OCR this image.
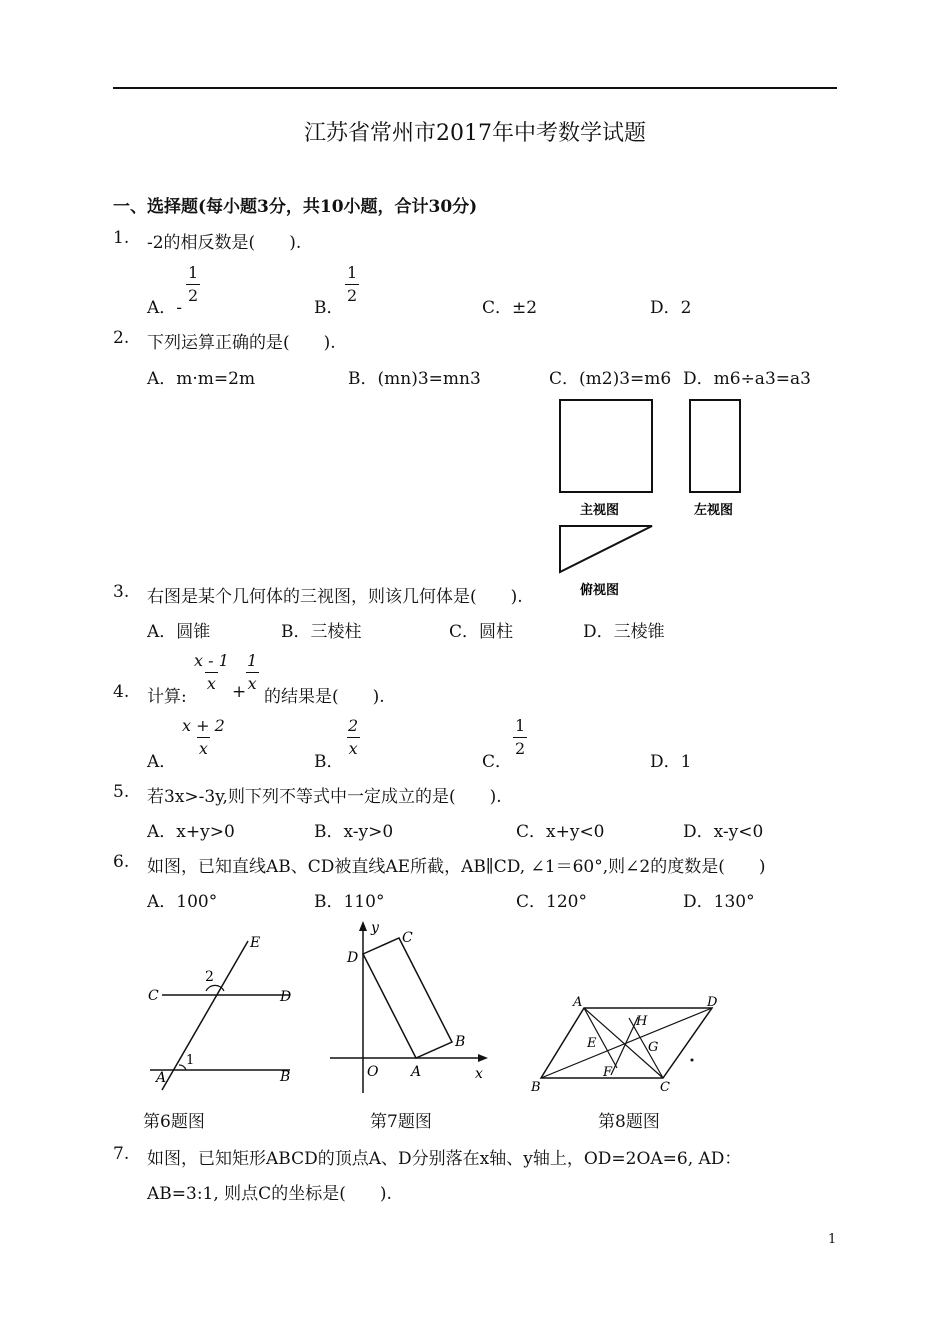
江苏省常州市2017年中考数学试题
一、选择题(每小题3分，共10小题，合计30分)
1. -2的相反数是(　　).
A．-
$\frac{1}{2}$
B．
$\frac{1}{2}$
C．±2	D．2
2. 下列运算正确的是(　　).
A．m·m=2m	B．(mn)3=mn3	C．(m2)3=m6 D．m6÷a3=a3
主视图	左视图
俯视图
3. 右图是某个几何体的三视图，则该几何体是(　　).
A．圆锥	B．三棱柱	C．圆柱	D．三棱锥
4. 计算:
$\frac{x - 1}{x}$ +
$\frac{1}{x}$
的结果是(　　).
A．
$\frac{x + 2}{x}$
B．
$\frac{2}{x}$
C．
$\frac{1}{2}$
D．1
5. 若3x>-3y,则下列不等式中一定成立的是(　　).
A．x+y>0	B．x-y>0	C．x+y<0	D．x-y<0
6. 如图，已知直线AB、CD被直线AE所截，AB∥CD, ∠1＝60°,则∠2的度数是(　　)
A．100°	B．110°	C．120°	D．130°
E
C	D
A	B
1
2
y
x
O A
B
C
D
A	D
B	C
E
F
G
H
第6题图	第7题图	第8题图
7. 如图，已知矩形ABCD的顶点A、D分别落在x轴、y轴上，OD=2OA=6, AD：
AB=3:1, 则点C的坐标是(　　).
1
